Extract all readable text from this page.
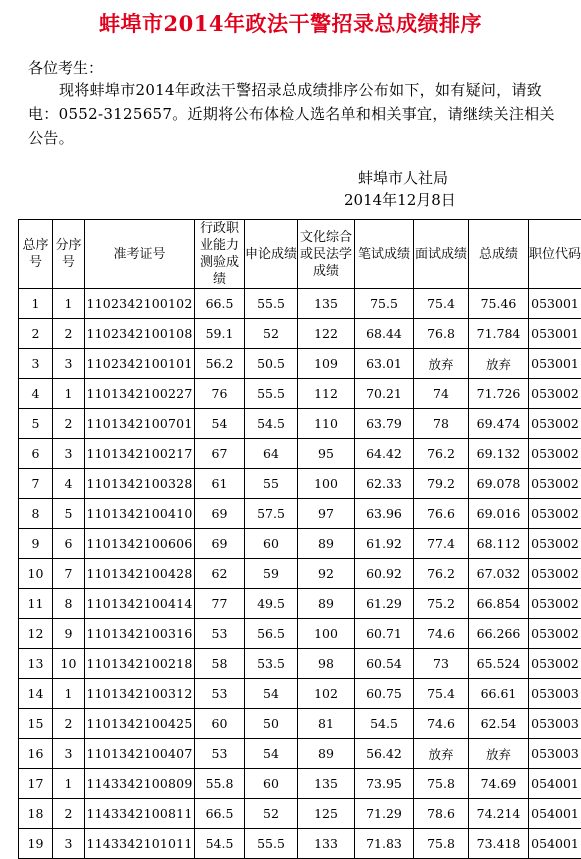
蚌埠市2014年政法干警招录总成绩排序
各位考生：
现将蚌埠市2014年政法干警招录总成绩排序公布如下，如有疑问，请致电：0552-3125657。近期将公布体检人选名单和相关事宜，请继续关注相关公告。
蚌埠市人社局
2014年12月8日
总序号	分序号	准考证号	行政职业能力测验成绩	申论成绩	文化综合或民法学成绩	笔试成绩	面试成绩	总成绩	职位代码
1	1	1102342100102	66.5	55.5	135	75.5	75.4	75.46	053001
2	2	1102342100108	59.1	52	122	68.44	76.8	71.784	053001
3	3	1102342100101	56.2	50.5	109	63.01	放弃	放弃	053001
4	1	1101342100227	76	55.5	112	70.21	74	71.726	053002
5	2	1101342100701	54	54.5	110	63.79	78	69.474	053002
6	3	1101342100217	67	64	95	64.42	76.2	69.132	053002
7	4	1101342100328	61	55	100	62.33	79.2	69.078	053002
8	5	1101342100410	69	57.5	97	63.96	76.6	69.016	053002
9	6	1101342100606	69	60	89	61.92	77.4	68.112	053002
10	7	1101342100428	62	59	92	60.92	76.2	67.032	053002
11	8	1101342100414	77	49.5	89	61.29	75.2	66.854	053002
12	9	1101342100316	53	56.5	100	60.71	74.6	66.266	053002
13	10	1101342100218	58	53.5	98	60.54	73	65.524	053002
14	1	1101342100312	53	54	102	60.75	75.4	66.61	053003
15	2	1101342100425	60	50	81	54.5	74.6	62.54	053003
16	3	1101342100407	53	54	89	56.42	放弃	放弃	053003
17	1	1143342100809	55.8	60	135	73.95	75.8	74.69	054001
18	2	1143342100811	66.5	52	125	71.29	78.6	74.214	054001
19	3	1143342101011	54.5	55.5	133	71.83	75.8	73.418	054001
